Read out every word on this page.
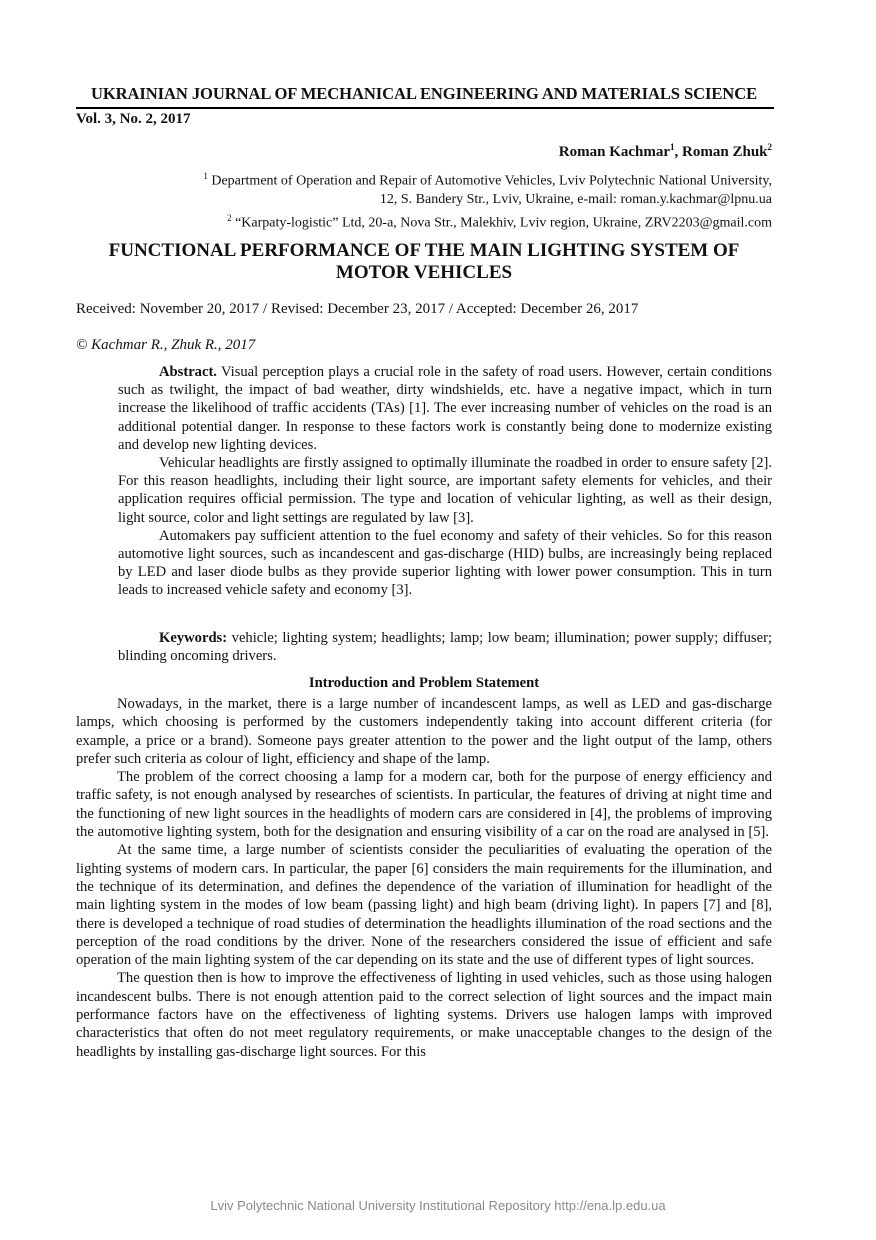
UKRAINIAN JOURNAL OF MECHANICAL ENGINEERING AND MATERIALS SCIENCE
Vol. 3, No. 2, 2017
Roman Kachmar$^1$, Roman Zhuk$^2$
$^1$ Department of Operation and Repair of Automotive Vehicles, Lviv Polytechnic National University,
12, S. Bandery Str., Lviv, Ukraine, e-mail: roman.y.kachmar@lpnu.ua
$^2$ “Karpaty-logistic” Ltd, 20-a, Nova Str., Malekhiv, Lviv region, Ukraine, ZRV2203@gmail.com
FUNCTIONAL PERFORMANCE OF THE MAIN LIGHTING SYSTEM OF
MOTOR VEHICLES
Received: November 20, 2017 / Revised: December 23, 2017 / Accepted: December 26, 2017
© Kachmar R., Zhuk R., 2017

Abstract. Visual perception plays a crucial role in the safety of road users. However, certain conditions such as twilight, the impact of bad weather, dirty windshields, etc. have a negative impact, which in turn increase the likelihood of traffic accidents (TAs) [1]. The ever increasing number of vehicles on the road is an additional potential danger. In response to these factors work is constantly being done to modernize existing and develop new lighting devices.

Vehicular headlights are firstly assigned to optimally illuminate the roadbed in order to ensure safety [2]. For this reason headlights, including their light source, are important safety elements for vehicles, and their application requires official permission. The type and location of vehicular lighting, as well as their design, light source, color and light settings are regulated by law [3].

Automakers pay sufficient attention to the fuel economy and safety of their vehicles. So for this reason automotive light sources, such as incandescent and gas-discharge (HID) bulbs, are increasingly being replaced by LED and laser diode bulbs as they provide superior lighting with lower power consumption. This in turn leads to increased vehicle safety and economy [3].

Keywords: vehicle; lighting system; headlights; lamp; low beam; illumination; power supply; diffuser; blinding oncoming drivers.

Introduction and Problem Statement

Nowadays, in the market, there is a large number of incandescent lamps, as well as LED and gas-discharge lamps, which choosing is performed by the customers independently taking into account different criteria (for example, a price or a brand). Someone pays greater attention to the power and the light output of the lamp, others prefer such criteria as colour of light, efficiency and shape of the lamp.

The problem of the correct choosing a lamp for a modern car, both for the purpose of energy efficiency and traffic safety, is not enough analysed by researches of scientists. In particular, the features of driving at night time and the functioning of new light sources in the headlights of modern cars are considered in [4], the problems of improving the automotive lighting system, both for the designation and ensuring visibility of a car on the road are analysed in [5].

At the same time, a large number of scientists consider the peculiarities of evaluating the operation of the lighting systems of modern cars. In particular, the paper [6] considers the main requirements for the illumination, and the technique of its determination, and defines the dependence of the variation of illumination for headlight of the main lighting system in the modes of low beam (passing light) and high beam (driving light). In papers [7] and [8], there is developed a technique of road studies of determination the headlights illumination of the road sections and the perception of the road conditions by the driver. None of the researchers considered the issue of efficient and safe operation of the main lighting system of the car depending on its state and the use of different types of light sources.

The question then is how to improve the effectiveness of lighting in used vehicles, such as those using halogen incandescent bulbs. There is not enough attention paid to the correct selection of light sources and the impact main performance factors have on the effectiveness of lighting systems. Drivers use halogen lamps with improved characteristics that often do not meet regulatory requirements, or make unacceptable changes to the design of the headlights by installing gas-discharge light sources. For this

Lviv Polytechnic National University Institutional Repository http://ena.lp.edu.ua
